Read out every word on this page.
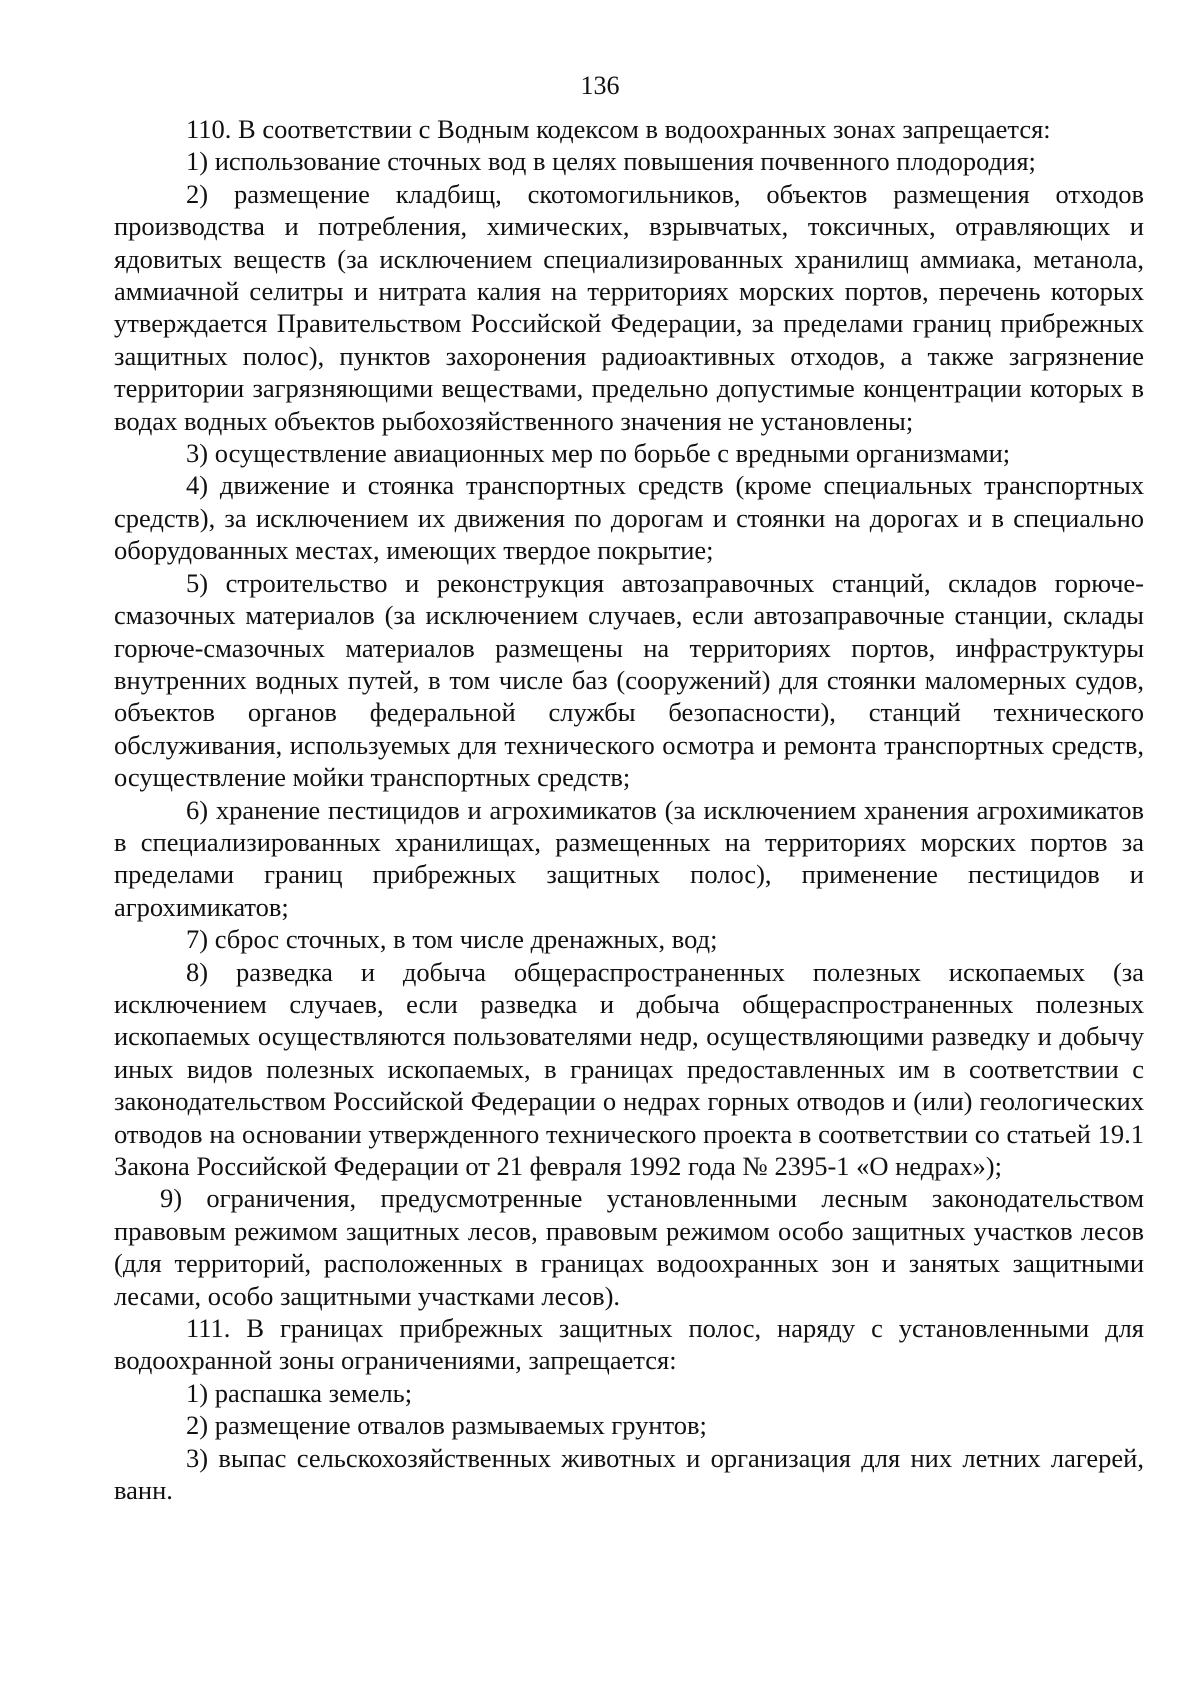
136

110. В соответствии с Водным кодексом в водоохранных зонах запрещается:

1) использование сточных вод в целях повышения почвенного плодородия;

2) размещение кладбищ, скотомогильников, объектов размещения отходов производства и потребления, химических, взрывчатых, токсичных, отравляющих и ядовитых веществ (за исключением специализированных хранилищ аммиака, метанола, аммиачной селитры и нитрата калия на территориях морских портов, перечень которых утверждается Правительством Российской Федерации, за пределами границ прибрежных защитных полос), пунктов захоронения радиоактивных отходов, а также загрязнение территории загрязняющими веществами, предельно допустимые концентрации которых в водах водных объектов рыбохозяйственного значения не установлены;

3) осуществление авиационных мер по борьбе с вредными организмами;

4) движение и стоянка транспортных средств (кроме специальных транспортных средств), за исключением их движения по дорогам и стоянки на дорогах и в специально оборудованных местах, имеющих твердое покрытие;

5) строительство и реконструкция автозаправочных станций, складов горюче-смазочных материалов (за исключением случаев, если автозаправочные станции, склады горюче-смазочных материалов размещены на территориях портов, инфраструктуры внутренних водных путей, в том числе баз (сооружений) для стоянки маломерных судов, объектов органов федеральной службы безопасности), станций технического обслуживания, используемых для технического осмотра и ремонта транспортных средств, осуществление мойки транспортных средств;

6) хранение пестицидов и агрохимикатов (за исключением хранения агрохимикатов в специализированных хранилищах, размещенных на территориях морских портов за пределами границ прибрежных защитных полос), применение пестицидов и агрохимикатов;

7) сброс сточных, в том числе дренажных, вод;

8) разведка и добыча общераспространенных полезных ископаемых (за исключением случаев, если разведка и добыча общераспространенных полезных ископаемых осуществляются пользователями недр, осуществляющими разведку и добычу иных видов полезных ископаемых, в границах предоставленных им в соответствии с законодательством Российской Федерации о недрах горных отводов и (или) геологических отводов на основании утвержденного технического проекта в соответствии со статьей 19.1 Закона Российской Федерации от 21 февраля 1992 года № 2395-1 «О недрах»);

9) ограничения, предусмотренные установленными лесным законодательством правовым режимом защитных лесов, правовым режимом особо защитных участков лесов (для территорий, расположенных в границах водоохранных зон и занятых защитными лесами, особо защитными участками лесов).

111. В границах прибрежных защитных полос, наряду с установленными для водоохранной зоны ограничениями, запрещается:

1) распашка земель;

2) размещение отвалов размываемых грунтов;

3) выпас сельскохозяйственных животных и организация для них летних лагерей, ванн.
